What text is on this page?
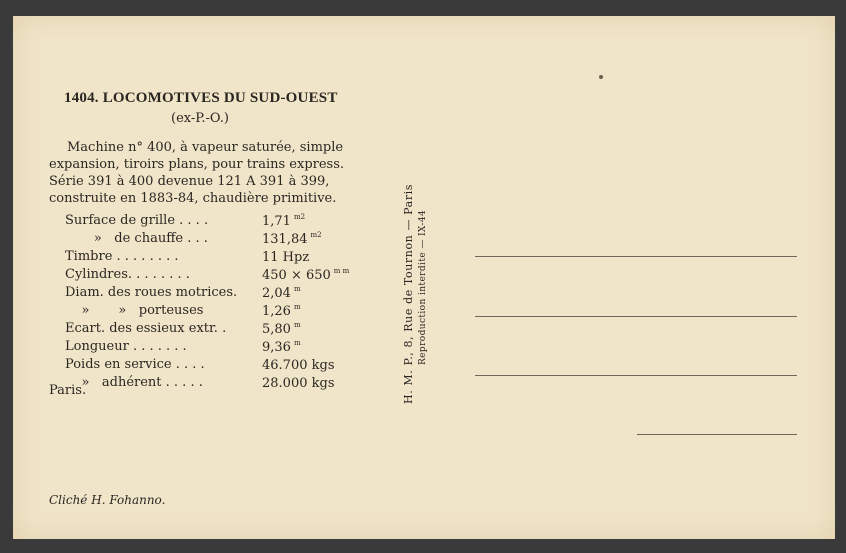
1404. LOCOMOTIVES DU SUD-OUEST
(ex-P.-O.)
Machine n° 400, à vapeur saturée, simple
expansion, tiroirs plans, pour trains express.
Série 391 à 400 devenue 121 A 391 à 399,
construite en 1883-84, chaudière primitive.
Surface de grille . . . .	1,71 $^{m2}$
»   de chauffe . . .	131,84 $^{m2}$
Timbre . . . . . . . .	11 Hpz
Cylindres. . . . . . . .	450 × 650 $^{m m}$
Diam. des roues motrices. 2,04 $^m$
»       »   porteuses	1,26 $^m$
Ecart. des essieux extr. .	5,80 $^m$
Longueur . . . . . . .	9,36 $^m$
Poids en service . . . .	46.700 kgs
»   adhérent . . . . .	28.000 kgs
Paris.
Cliché H. Fohanno.
H. M. P., 8, Rue de Tournon — Paris Reproduction interdite — IX-44
